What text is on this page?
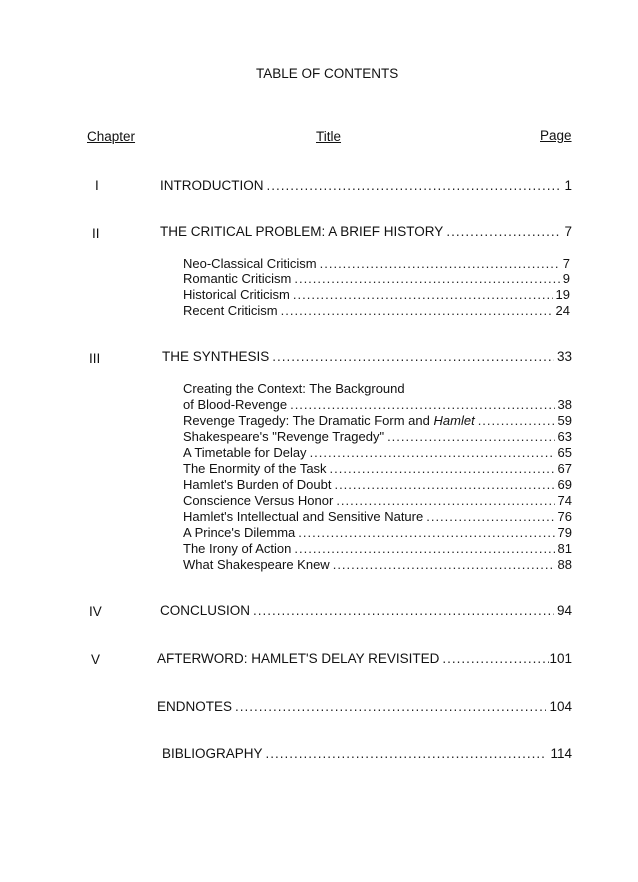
TABLE OF CONTENTS
Chapter	Title	Page
I	INTRODUCTION .....	1
II	THE CRITICAL PROBLEM: A BRIEF HISTORY .....	7
Neo-Classical Criticism .....	7
Romantic Criticism .....	9
Historical Criticism .....	19
Recent Criticism .....	24
III	THE SYNTHESIS .....	33
Creating the Context: The Background
of Blood-Revenge .....	38
Revenge Tragedy: The Dramatic Form and Hamlet .....	59
Shakespeare's "Revenge Tragedy" .....	63
A Timetable for Delay .....	65
The Enormity of the Task .....	67
Hamlet's Burden of Doubt .....	69
Conscience Versus Honor .....	74
Hamlet's Intellectual and Sensitive Nature .....	76
A Prince's Dilemma .....	79
The Irony of Action .....	81
What Shakespeare Knew .....	88
IV	CONCLUSION .....	94
V	AFTERWORD: HAMLET'S DELAY REVISITED .....	101
ENDNOTES .....	104
BIBLIOGRAPHY .....	114
